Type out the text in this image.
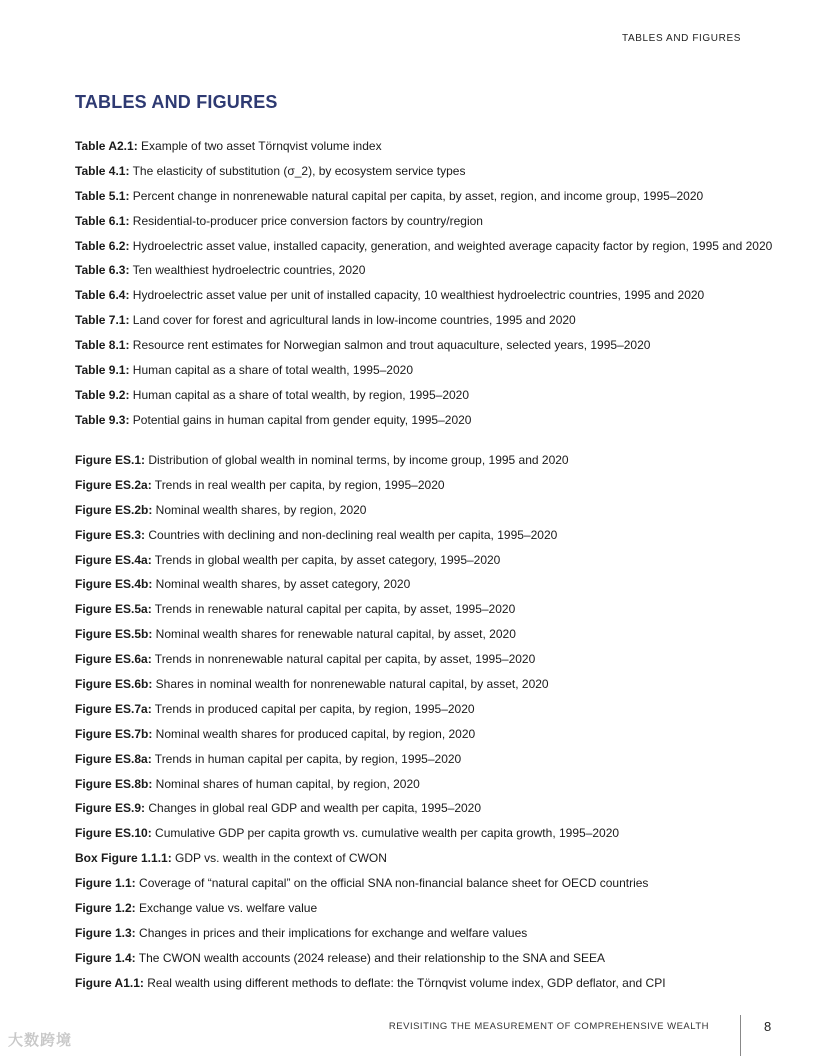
TABLES AND FIGURES
TABLES AND FIGURES
Table A2.1: Example of two asset Törnqvist volume index
Table 4.1: The elasticity of substitution (σ_2), by ecosystem service types
Table 5.1: Percent change in nonrenewable natural capital per capita, by asset, region, and income group, 1995–2020
Table 6.1: Residential-to-producer price conversion factors by country/region
Table 6.2: Hydroelectric asset value, installed capacity, generation, and weighted average capacity factor by region, 1995 and 2020
Table 6.3: Ten wealthiest hydroelectric countries, 2020
Table 6.4: Hydroelectric asset value per unit of installed capacity, 10 wealthiest hydroelectric countries, 1995 and 2020
Table 7.1: Land cover for forest and agricultural lands in low-income countries, 1995 and 2020
Table 8.1: Resource rent estimates for Norwegian salmon and trout aquaculture, selected years, 1995–2020
Table 9.1: Human capital as a share of total wealth, 1995–2020
Table 9.2: Human capital as a share of total wealth, by region, 1995–2020
Table 9.3: Potential gains in human capital from gender equity, 1995–2020
Figure ES.1: Distribution of global wealth in nominal terms, by income group, 1995 and 2020
Figure ES.2a: Trends in real wealth per capita, by region, 1995–2020
Figure ES.2b: Nominal wealth shares, by region, 2020
Figure ES.3: Countries with declining and non-declining real wealth per capita, 1995–2020
Figure ES.4a: Trends in global wealth per capita, by asset category, 1995–2020
Figure ES.4b: Nominal wealth shares, by asset category, 2020
Figure ES.5a: Trends in renewable natural capital per capita, by asset, 1995–2020
Figure ES.5b: Nominal wealth shares for renewable natural capital, by asset, 2020
Figure ES.6a: Trends in nonrenewable natural capital per capita, by asset, 1995–2020
Figure ES.6b: Shares in nominal wealth for nonrenewable natural capital, by asset, 2020
Figure ES.7a: Trends in produced capital per capita, by region, 1995–2020
Figure ES.7b: Nominal wealth shares for produced capital, by region, 2020
Figure ES.8a: Trends in human capital per capita, by region, 1995–2020
Figure ES.8b: Nominal shares of human capital, by region, 2020
Figure ES.9: Changes in global real GDP and wealth per capita, 1995–2020
Figure ES.10: Cumulative GDP per capita growth vs. cumulative wealth per capita growth, 1995–2020
Box Figure 1.1.1: GDP vs. wealth in the context of CWON
Figure 1.1: Coverage of “natural capital” on the official SNA non-financial balance sheet for OECD countries
Figure 1.2: Exchange value vs. welfare value
Figure 1.3: Changes in prices and their implications for exchange and welfare values
Figure 1.4: The CWON wealth accounts (2024 release) and their relationship to the SNA and SEEA
Figure A1.1: Real wealth using different methods to deflate: the Törnqvist volume index, GDP deflator, and CPI
REVISITING THE MEASUREMENT OF COMPREHENSIVE WEALTH	8
大数跨境
